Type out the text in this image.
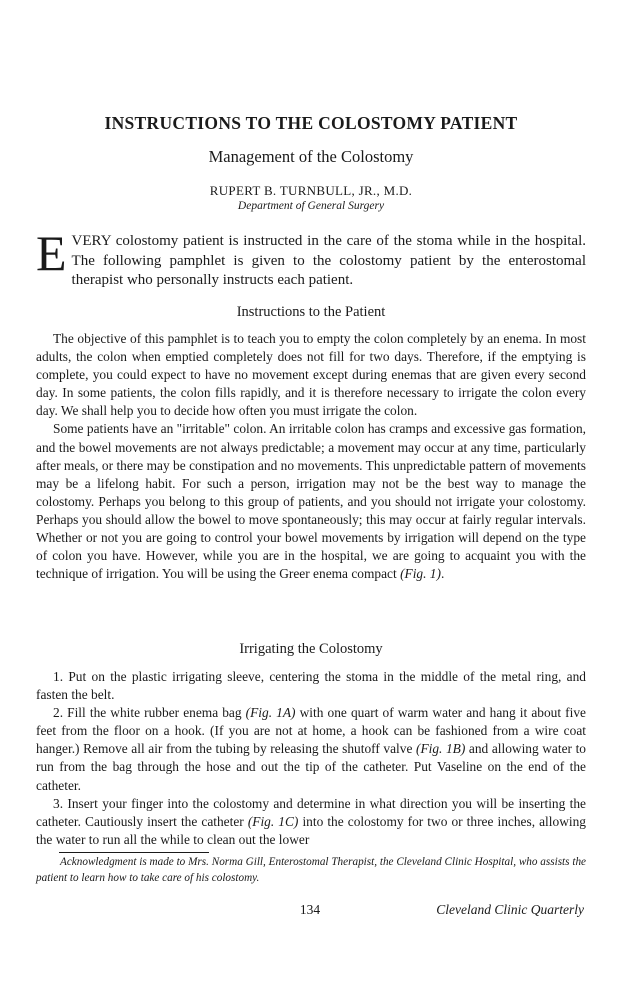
INSTRUCTIONS TO THE COLOSTOMY PATIENT
Management of the Colostomy
RUPERT B. TURNBULL, JR., M.D.
Department of General Surgery
E VERY colostomy patient is instructed in the care of the stoma while in the hospital. The following pamphlet is given to the colostomy patient by the enterostomal therapist who personally instructs each patient.

Instructions to the Patient

The objective of this pamphlet is to teach you to empty the colon completely by an enema. In most adults, the colon when emptied completely does not fill for two days. Therefore, if the emptying is complete, you could expect to have no movement except during enemas that are given every second day. In some patients, the colon fills rapidly, and it is therefore necessary to irrigate the colon every day. We shall help you to decide how often you must irrigate the colon.

Some patients have an "irritable" colon. An irritable colon has cramps and excessive gas formation, and the bowel movements are not always predictable; a movement may occur at any time, particularly after meals, or there may be constipation and no movements. This unpredictable pattern of movements may be a lifelong habit. For such a person, irrigation may not be the best way to manage the colostomy. Perhaps you belong to this group of patients, and you should not irrigate your colostomy. Perhaps you should allow the bowel to move spontaneously; this may occur at fairly regular intervals. Whether or not you are going to control your bowel movements by irrigation will depend on the type of colon you have. However, while you are in the hospital, we are going to acquaint you with the technique of irrigation. You will be using the Greer enema compact (Fig. 1).

Irrigating the Colostomy

1. Put on the plastic irrigating sleeve, centering the stoma in the middle of the metal ring, and fasten the belt.

2. Fill the white rubber enema bag (Fig. 1A) with one quart of warm water and hang it about five feet from the floor on a hook. (If you are not at home, a hook can be fashioned from a wire coat hanger.) Remove all air from the tubing by releasing the shutoff valve (Fig. 1B) and allowing water to run from the bag through the hose and out the tip of the catheter. Put Vaseline on the end of the catheter.

3. Insert your finger into the colostomy and determine in what direction you will be inserting the catheter. Cautiously insert the catheter (Fig. 1C) into the colostomy for two or three inches, allowing the water to run all the while to clean out the lower

Acknowledgment is made to Mrs. Norma Gill, Enterostomal Therapist, the Cleveland Clinic Hospital, who assists the patient to learn how to take care of his colostomy.

134	Cleveland Clinic Quarterly
